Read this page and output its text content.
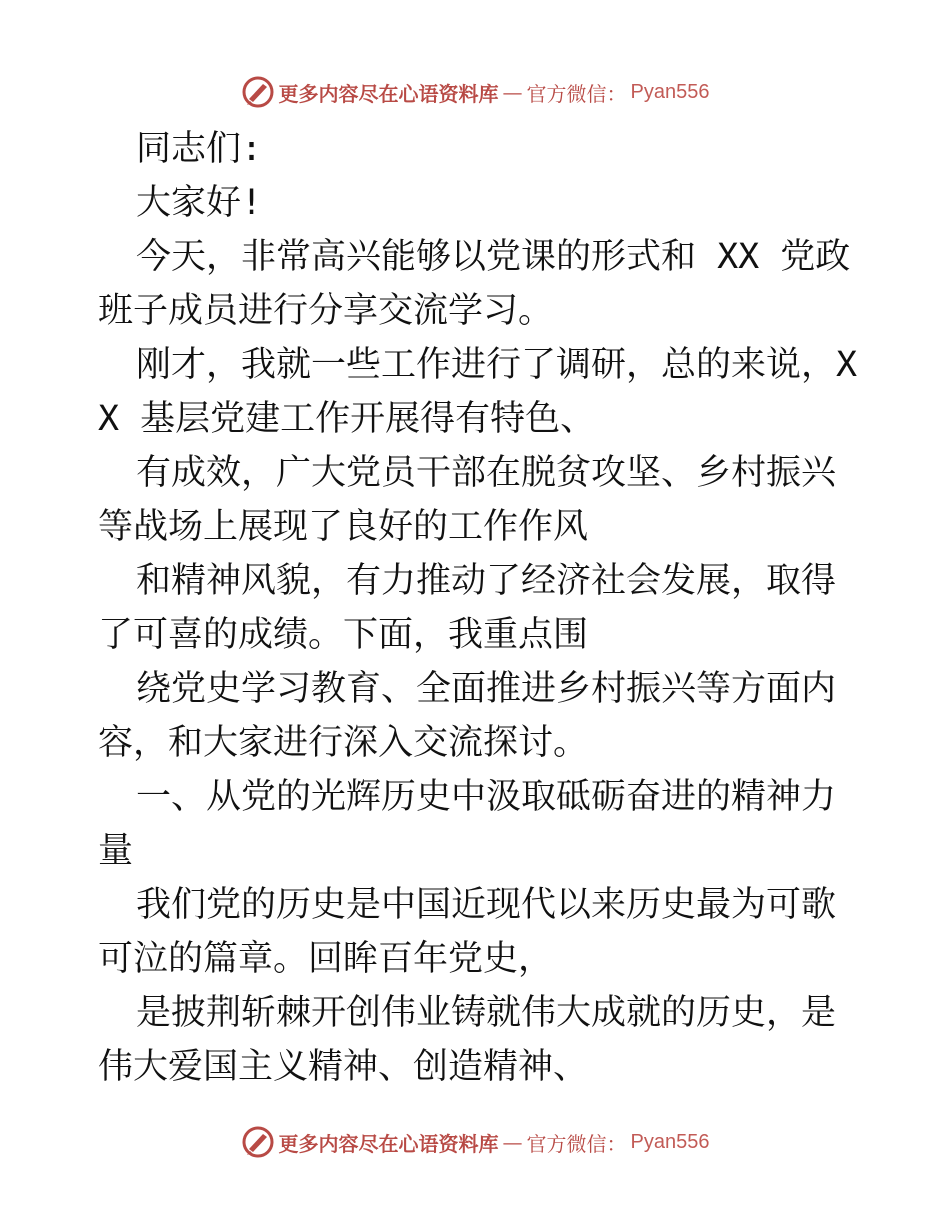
更多内容尽在心语资料库 — 官方微信： Pyan556

同志们:

大家好!

今天，非常高兴能够以党课的形式和 XX 党政班子成员进行分享交流学习。

刚才，我就一些工作进行了调研，总的来说，XX 基层党建工作开展得有特色、

有成效，广大党员干部在脱贫攻坚、乡村振兴等战场上展现了良好的工作作风

和精神风貌，有力推动了经济社会发展，取得了可喜的成绩。下面，我重点围

绕党史学习教育、全面推进乡村振兴等方面内容，和大家进行深入交流探讨。

一、从党的光辉历史中汲取砥砺奋进的精神力量

我们党的历史是中国近现代以来历史最为可歌可泣的篇章。回眸百年党史，

是披荆斩棘开创伟业铸就伟大成就的历史，是伟大爱国主义精神、创造精神、

更多内容尽在心语资料库 — 官方微信： Pyan556
